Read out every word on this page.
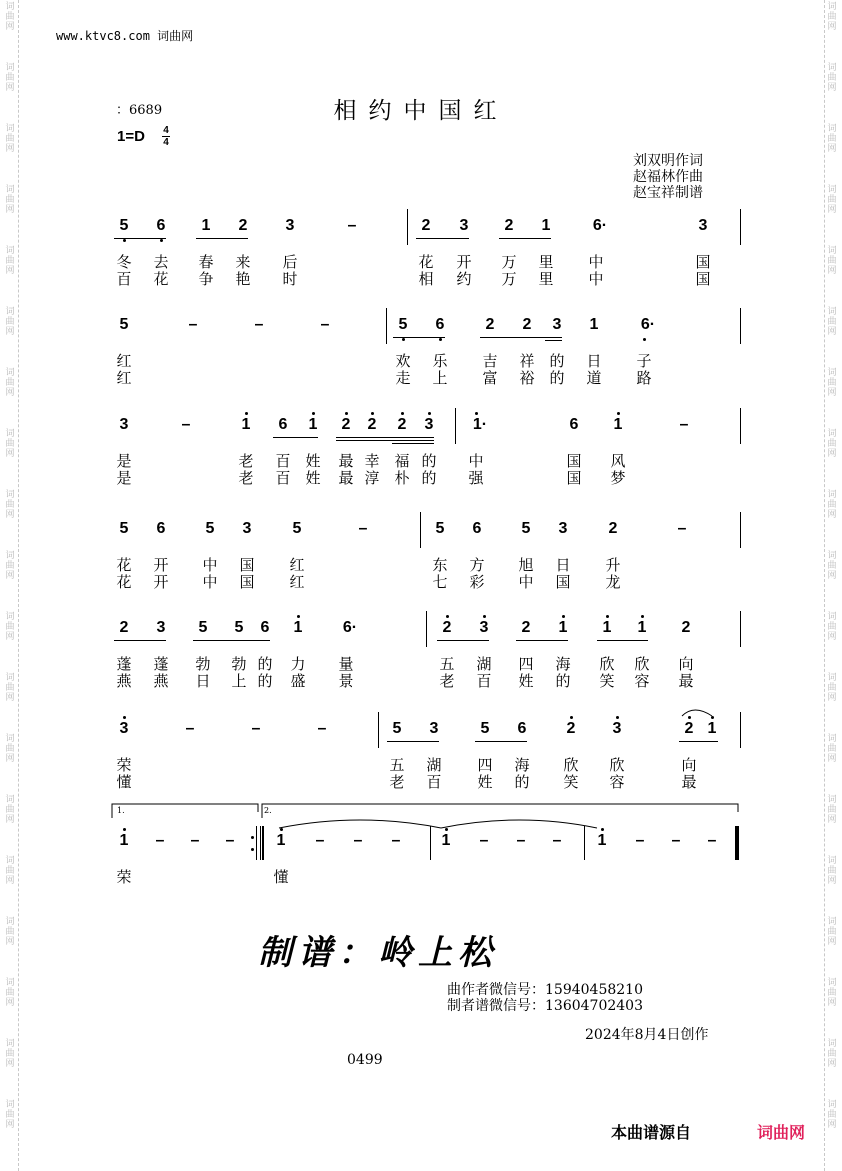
词曲网
词曲网
词曲网
词曲网
词曲网
词曲网
词曲网
词曲网
词曲网
词曲网
词曲网
词曲网
词曲网
词曲网
词曲网
词曲网
词曲网
词曲网
词曲网
词曲网
词曲网
词曲网
词曲网
词曲网
词曲网
词曲网
词曲网
词曲网
词曲网
词曲网
词曲网
词曲网
词曲网
词曲网
词曲网
词曲网
词曲网
词曲网
www.ktvc8.com 词曲网
相约中国红
：6689
1=D 4
4
刘双明作词
赵福林作曲
赵宝祥制谱
5 6 1 2 3	–	2 3 2 1	6·	3
冬 去 春 来 后	花 开 万 里 中	国
百 花 争 艳 时	相 约 万 里 中	国
5	–	–	–	5 6	2 2 3 1	6·
红	欢 乐 吉 祥 的 日 子
红	走 上 富 裕 的 道 路
3	–	1 6 1 2 2 2 3	1·	6 1	–
是	老 百 姓 最 幸 福 的 中	国 风
是	老 百 姓 最 淳 朴 的 强	国 梦
5 6	5 3	5	–	5 6	5 3	2	–
花 开 中 国 红	东 方 旭 日 升
花 开 中 国 红	七 彩 中 国 龙
2 3 5 5 6 1	6·	2 3 2 1 1 1 2
蓬 蓬 勃 勃 的 力 量	五 湖 四 海 欣 欣 向
燕 燕 日 上 的 盛 景	老 百 姓 的 笑 容 最
3	–	–	–	5 3	5 6	2 3	2 1
荣	五 湖 四 海 欣 欣	向
懂	老 百 姓 的 笑 容	最
1 – – –	1 – – –	1 – – – 1 – – –
荣	懂
1.	2.
制谱：岭上松
曲作者微信号：15940458210
制者谱微信号：13604702403
2024年8月4日创作
0499
本曲谱源自	词曲网
